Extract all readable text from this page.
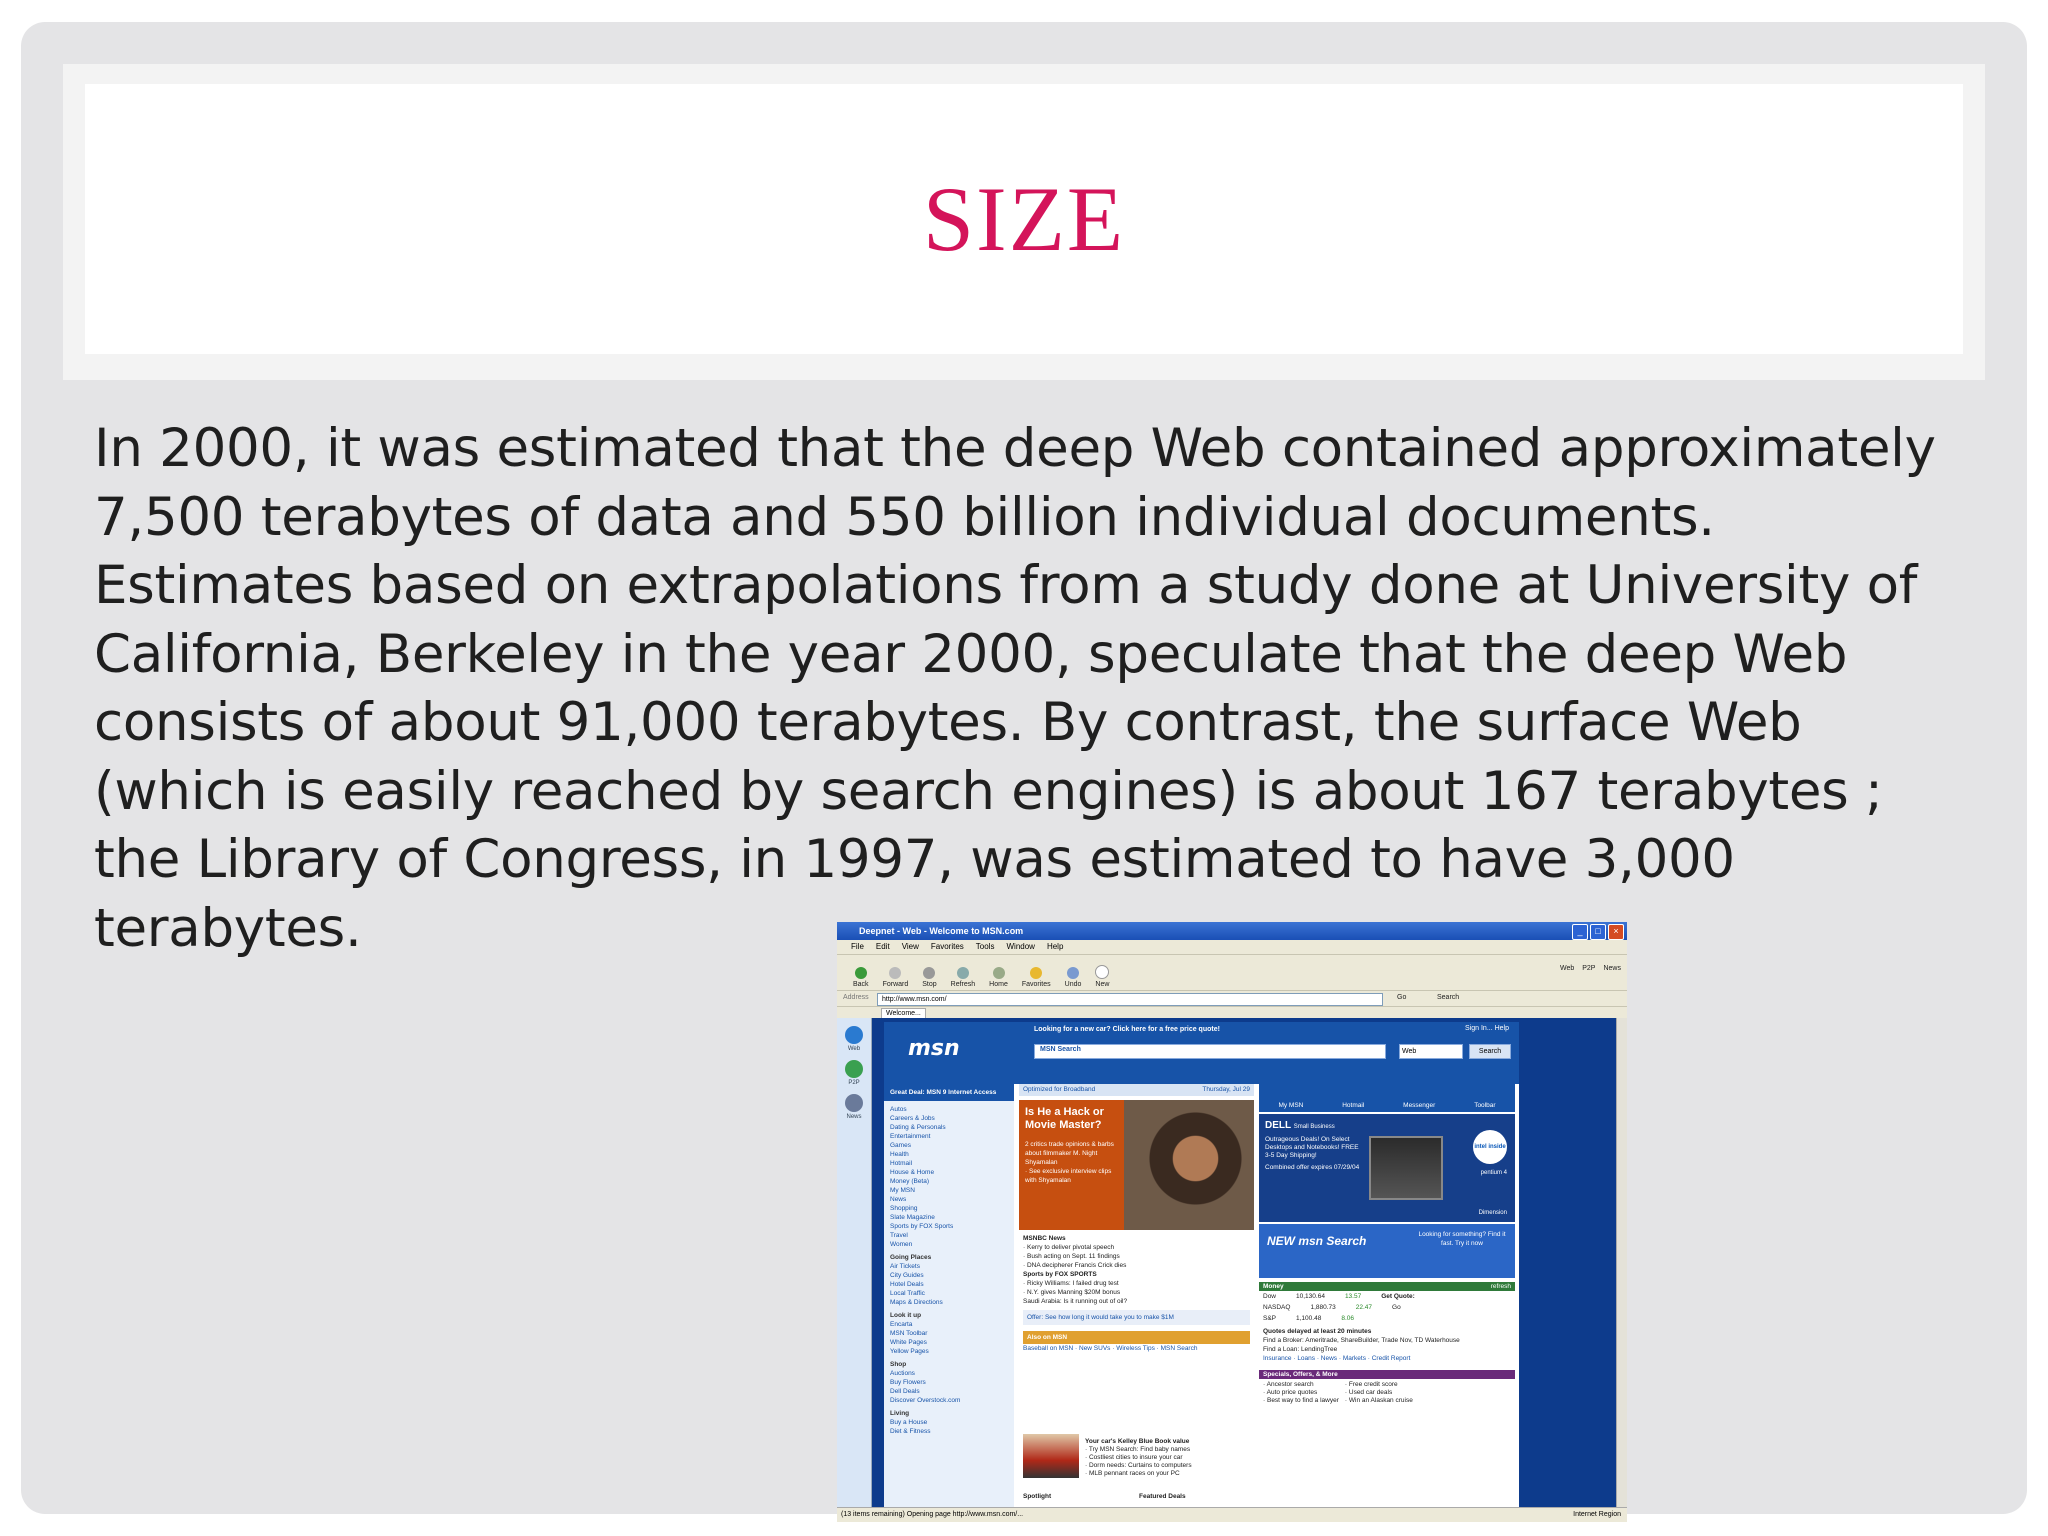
SIZE

In 2000, it was estimated that the deep Web contained approximately 7,500 terabytes of data and 550 billion individual documents. Estimates based on extrapolations from a study done at University of California, Berkeley in the year 2000, speculate that the deep Web consists of about 91,000 terabytes. By contrast, the surface Web (which is easily reached by search engines) is about 167 terabytes ; the Library of Congress, in 1997, was estimated to have 3,000 terabytes.	Deepnet - Web - Welcome to MSN.com	_	□	×
File Edit View Favorites Tools Window Help
Back Forward Stop Refresh Home Favorites Undo New
Web P2P News
Address	http://www.msn.com/	Go	Search
Welcome...
Web
P2P
News
msn
Looking for a new car? Click here for a free price quote!	Sign In... Help
MSN Search	Web	Search
Great Deal: MSN 9 Internet Access
Autos
Careers & Jobs
Dating & Personals
Entertainment
Games
Health
Hotmail
House & Home
Money (Beta)
My MSN
News
Shopping
Slate Magazine
Sports by FOX Sports
Travel
Women
Going Places
Air Tickets
City Guides
Hotel Deals
Local Traffic
Maps & Directions
Look it up
Encarta
MSN Toolbar
White Pages
Yellow Pages
Shop
Auctions
Buy Flowers
Dell Deals
Discover Overstock.com
Living
Buy a House
Diet & Fitness
Optimized for Broadband	Thursday, Jul 29
Is He a Hack or Movie Master?
2 critics trade opinions & barbs about filmmaker M. Night Shyamalan
· See exclusive interview clips with Shyamalan
MSNBC News
· Kerry to deliver pivotal speech
· Bush acting on Sept. 11 findings
· DNA decipherer Francis Crick dies
Sports by FOX SPORTS
· Ricky Williams: I failed drug test
· N.Y. gives Manning $20M bonus
Saudi Arabia: Is it running out of oil?
Offer: See how long it would take you to make $1M
Also on MSN
Baseball on MSN · New SUVs · Wireless Tips · MSN Search
Your car's Kelley Blue Book value
· Try MSN Search: Find baby names
· Costliest cities to insure your car
· Dorm needs: Curtains to computers
· MLB pennant races on your PC
Spotlight	Featured Deals
My MSN	Hotmail	Messenger	Toolbar
DELL Small Business
Outrageous Deals! On Select Desktops and Notebooks! FREE 3-5 Day Shipping!
Combined offer expires 07/29/04
intel inside
pentium 4
Dimension
NEW msn Search	Looking for something? Find it fast. Try it now
Money	refresh
Dow	10,130.64	13.57	Get Quote:
NASDAQ	1,880.73	22.47	Go
S&P	1,100.48	8.06
Quotes delayed at least 20 minutes
Find a Broker: Ameritrade, ShareBuilder, Trade Nov, TD Waterhouse
Find a Loan: LendingTree
Insurance · Loans · News · Markets · Credit Report
Specials, Offers, & More
· Ancestor search
· Auto price quotes
· Best way to find a lawyer
· Free credit score
· Used car deals
· Win an Alaskan cruise
(13 items remaining) Opening page http://www.msn.com/...	Internet Region
